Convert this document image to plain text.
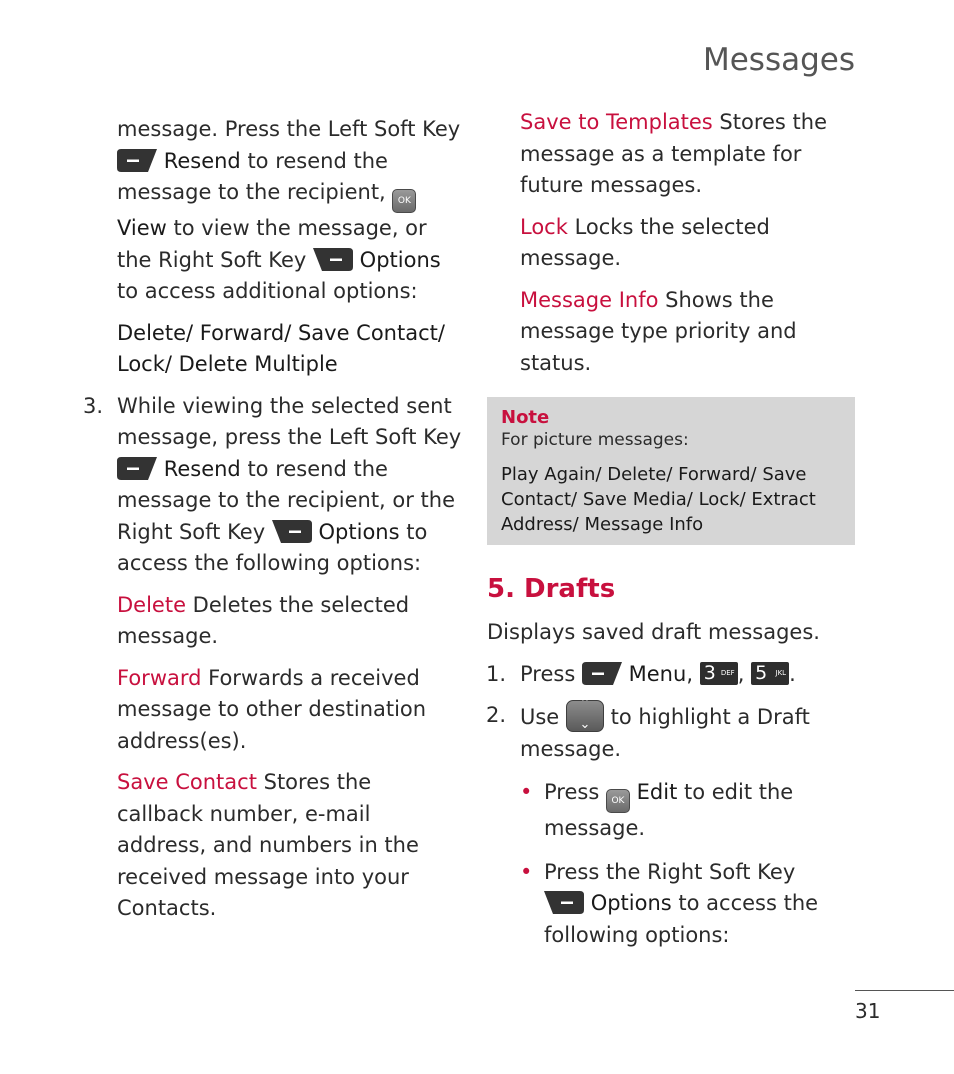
Messages

message. Press the Left Soft Key  Resend to resend the message to the recipient, OK
View to view the message, or the Right Soft Key  Options to access additional options:

Delete/ Forward/ Save Contact/ Lock/ Delete Multiple

3. While viewing the selected sent message, press the Left Soft Key  Resend to resend the message to the recipient, or the Right Soft Key  Options to access the following options:

Delete Deletes the selected message.

Forward Forwards a received message to other destination address(es).

Save Contact Stores the callback number, e-mail address, and numbers in the received message into your Contacts.

Save to Templates Stores the message as a template for future messages.

Lock Locks the selected message.

Message Info Shows the message type priority and status.

Note
For picture messages:
Play Again/ Delete/ Forward/ Save Contact/ Save Media/ Lock/ Extract Address/ Message Info
5. Drafts

Displays saved draft messages.

1. Press  Menu, 3 DEF , 5 JKL .

2. Use
⌃
⌄ to highlight a Draft message.

• Press OK Edit to edit the message.

• Press the Right Soft Key
Options to access the following options:

31
